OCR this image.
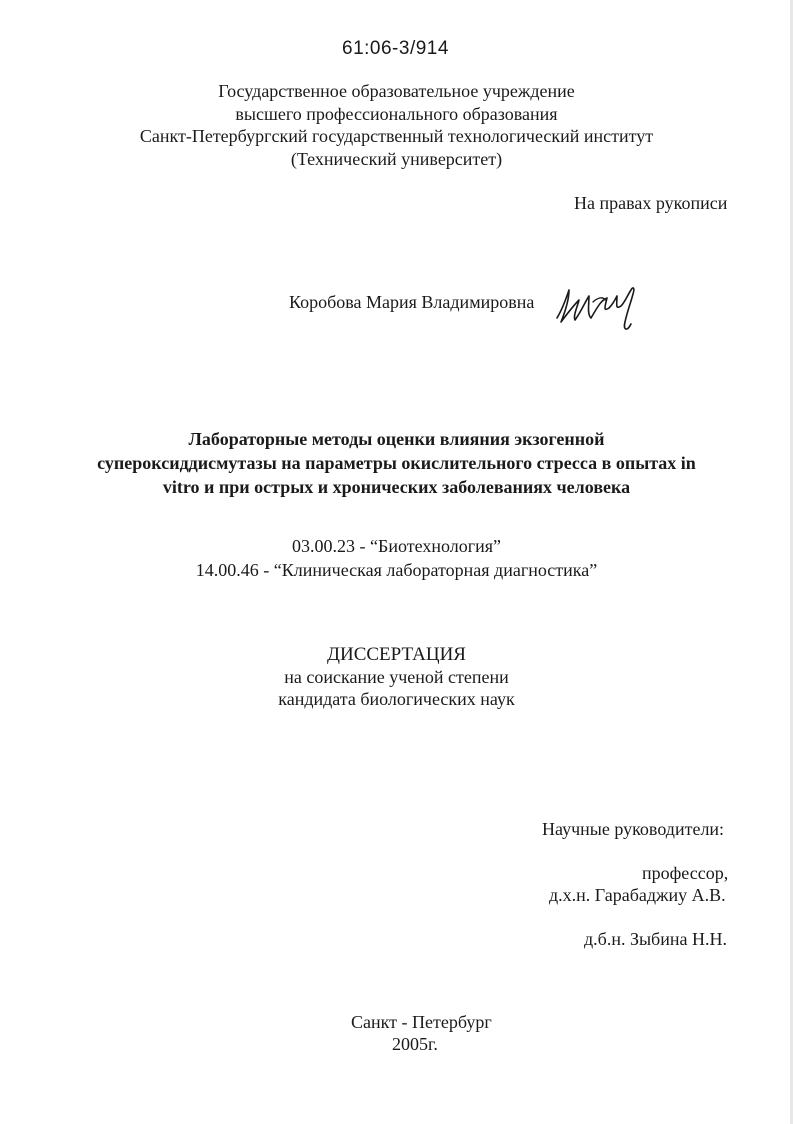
61:06-3/914
Государственное образовательное учреждение
высшего профессионального образования
Санкт-Петербургский государственный технологический институт
(Технический университет)
На правах рукописи
Коробова Мария Владимировна
Лабораторные методы оценки влияния экзогенной
супероксиддисмутазы на параметры окислительного стресса в опытах in
vitro и при острых и хронических заболеваниях человека
03.00.23 - “Биотехнология”
14.00.46 - “Клиническая лабораторная диагностика”
ДИССЕРТАЦИЯ
на соискание ученой степени
кандидата биологических наук
Научные руководители:
профессор,
д.х.н. Гарабаджиу А.В.
д.б.н. Зыбина Н.Н.
Санкт - Петербург
2005г.
